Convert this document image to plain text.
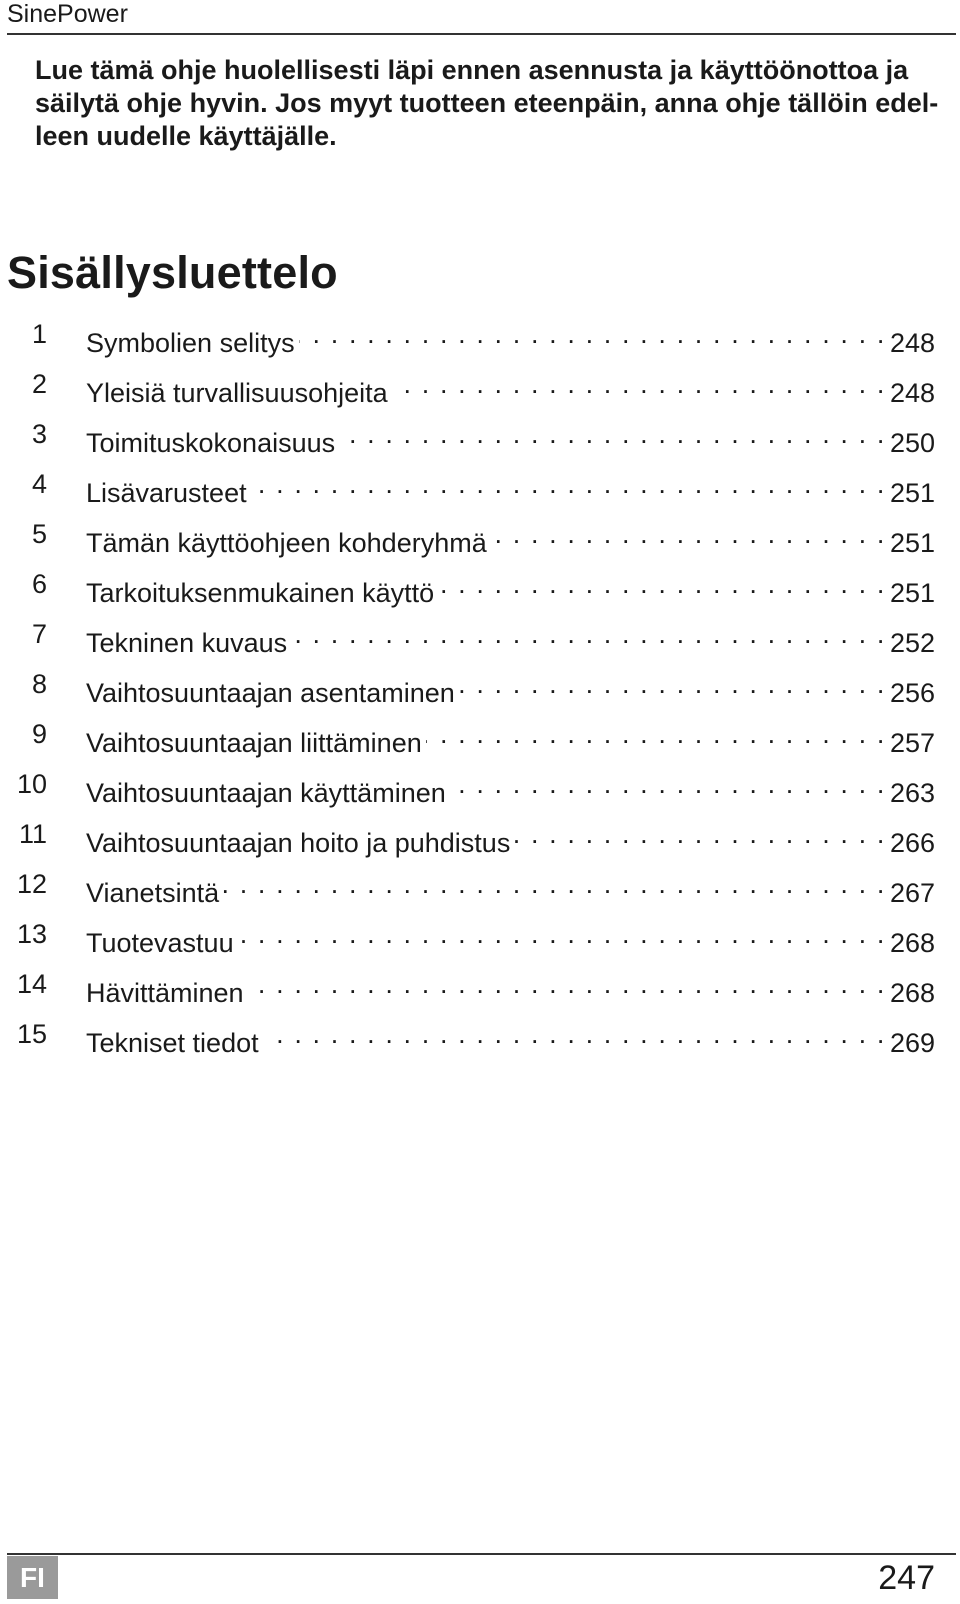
SinePower
Lue tämä ohje huolellisesti läpi ennen asennusta ja käyttöönottoa ja
säilytä ohje hyvin. Jos myyt tuotteen eteenpäin, anna ohje tällöin edel-
leen uudelle käyttäjälle.
Sisällysluettelo
1 Symbolien selitys . . .	248
2 Yleisiä turvallisuusohjeita . . .	248
3 Toimituskokonaisuus . . .	250
4 Lisävarusteet . . .	251
5 Tämän käyttöohjeen kohderyhmä . . .	251
6 Tarkoituksenmukainen käyttö . . .	251
7 Tekninen kuvaus . . .	252
8 Vaihtosuuntaajan asentaminen . . .	256
9 Vaihtosuuntaajan liittäminen . . .	257
10 Vaihtosuuntaajan käyttäminen . . .	263
11 Vaihtosuuntaajan hoito ja puhdistus . . .	266
12 Vianetsintä . . .	267
13 Tuotevastuu . . .	268
14 Hävittäminen . . .	268
15 Tekniset tiedot . . .	269
FI	247
